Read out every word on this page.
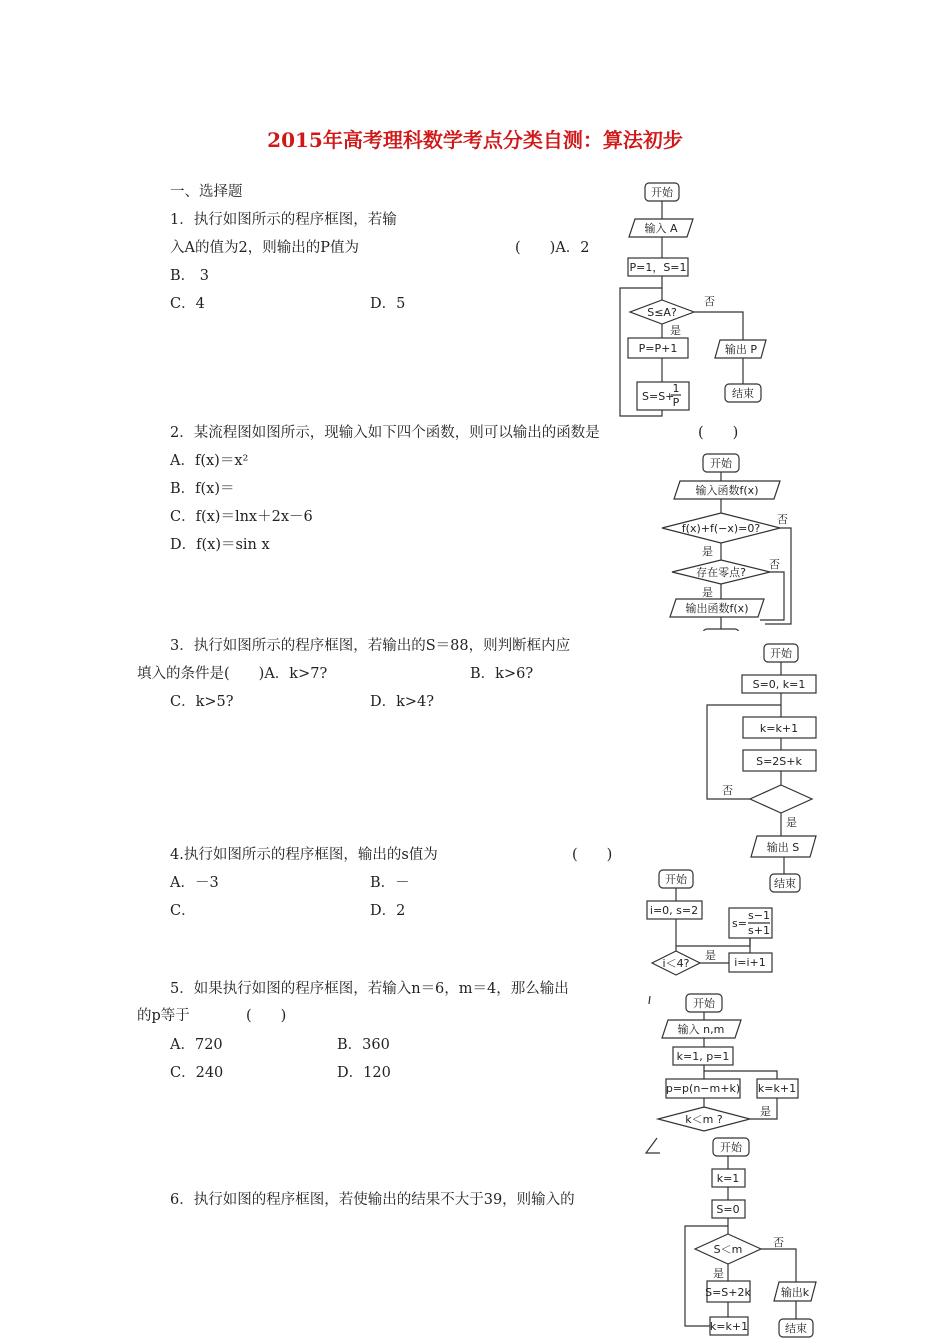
2015年高考理科数学考点分类自测：算法初步
一、选择题
1．执行如图所示的程序框图，若输
入A的值为2，则输出的P值为	(　　)A．2
B． 3
C．4	D．5
2．某流程图如图所示，现输入如下四个函数，则可以输出的函数是	(　　)
A．f(x)＝x²
B．f(x)＝
C．f(x)＝lnx＋2x－6
D．f(x)＝sin x
3．执行如图所示的程序框图，若输出的S＝88，则判断框内应
填入的条件是(　　)A．k>7?	B．k>6?
C．k>5?	D．k>4?
4.执行如图所示的程序框图，输出的s值为	(　　)
A．－3	B．－
C．	D．2
5．如果执行如图的程序框图，若输入n＝6，m＝4，那么输出
的p等于	(　　)
A．720	B．360
C．240	D．120
6．执行如图的程序框图，若使输出的结果不大于39，则输入的
开始
输入 A
P=1，S=1
S≤A?
是
否
P=P+1
S=S+
1
P
输出 P
结束
开始
输入函数f(x)
f(x)+f(−x)=0?
否
是
存在零点?
否
是
输出函数f(x)
开始
S=0, k=1
k=k+1
S=2S+k
否
是
输出 S
结束
开始
i=0, s=2
s=
s−1
s+1
i＜4?
是
i=i+1
开始
输入 n,m
k=1, p=1
p=p(n−m+k) k=k+1
k＜m ?
是
开始
k=1
S=0
S＜m
否
是
S=S+2k
k=k+1
输出k
结束
